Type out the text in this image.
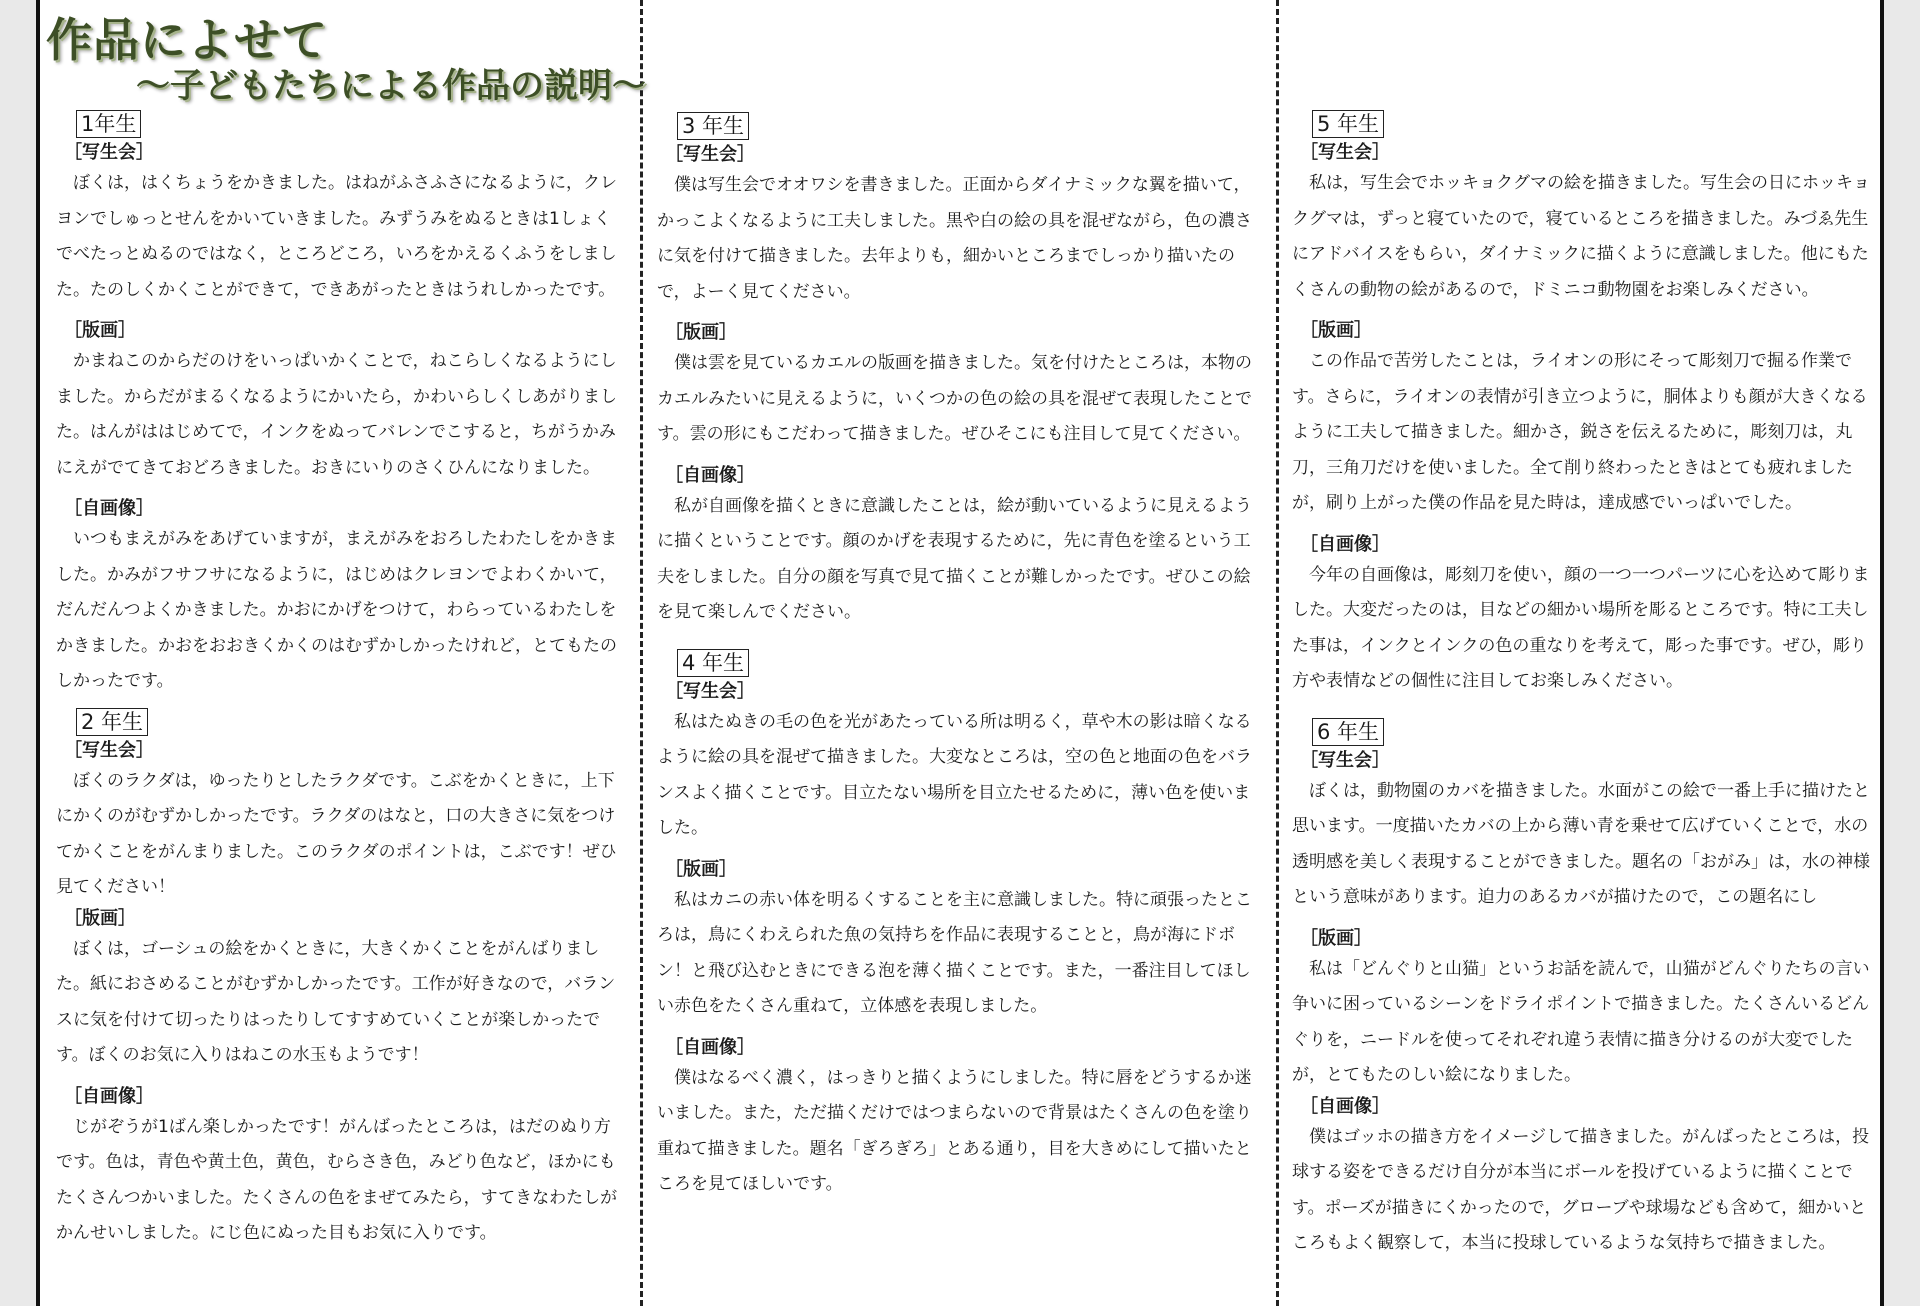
作品によせて
～子どもたちによる作品の説明～
1年生
［写生会］

ぼくは，はくちょうをかきました。はねがふさふさになるように，クレヨンでしゅっとせんをかいていきました。みずうみをぬるときは1しょくでべたっとぬるのではなく，ところどころ，いろをかえるくふうをしました。たのしくかくことができて，できあがったときはうれしかったです。

［版画］

かまねこのからだのけをいっぱいかくことで，ねこらしくなるようにしました。からだがまるくなるようにかいたら，かわいらしくしあがりました。はんがははじめてで，インクをぬってバレンでこすると，ちがうかみにえがでてきておどろきました。おきにいりのさくひんになりました。

［自画像］

いつもまえがみをあげていますが，まえがみをおろしたわたしをかきました。かみがフサフサになるように，はじめはクレヨンでよわくかいて，だんだんつよくかきました。かおにかげをつけて，わらっているわたしをかきました。かおをおおきくかくのはむずかしかったけれど，とてもたのしかったです。

2 年生
［写生会］

ぼくのラクダは，ゆったりとしたラクダです。こぶをかくときに，上下にかくのがむずかしかったです。ラクダのはなと，口の大きさに気をつけてかくことをがんまりました。このラクダのポイントは，こぶです！ぜひ見てください！

［版画］

ぼくは，ゴーシュの絵をかくときに，大きくかくことをがんばりました。紙におさめることがむずかしかったです。工作が好きなので，バランスに気を付けて切ったりはったりしてすすめていくことが楽しかったです。ぼくのお気に入りはねこの水玉もようです！

［自画像］

じがぞうが1ばん楽しかったです！がんばったところは，はだのぬり方です。色は，青色や黄土色，黄色，むらさき色，みどり色など，ほかにもたくさんつかいました。たくさんの色をまぜてみたら，すてきなわたしがかんせいしました。にじ色にぬった目もお気に入りです。

3 年生
［写生会］

僕は写生会でオオワシを書きました。正面からダイナミックな翼を描いて，かっこよくなるように工夫しました。黒や白の絵の具を混ぜながら，色の濃さに気を付けて描きました。去年よりも，細かいところまでしっかり描いたので，よーく見てください。

［版画］

僕は雲を見ているカエルの版画を描きました。気を付けたところは，本物のカエルみたいに見えるように，いくつかの色の絵の具を混ぜて表現したことです。雲の形にもこだわって描きました。ぜひそこにも注目して見てください。

［自画像］

私が自画像を描くときに意識したことは，絵が動いているように見えるように描くということです。顔のかげを表現するために，先に青色を塗るという工夫をしました。自分の顔を写真で見て描くことが難しかったです。ぜひこの絵を見て楽しんでください。

4 年生
［写生会］

私はたぬきの毛の色を光があたっている所は明るく，草や木の影は暗くなるように絵の具を混ぜて描きました。大変なところは，空の色と地面の色をバランスよく描くことです。目立たない場所を目立たせるために，薄い色を使いました。

［版画］

私はカニの赤い体を明るくすることを主に意識しました。特に頑張ったところは，鳥にくわえられた魚の気持ちを作品に表現することと，鳥が海にドボン！と飛び込むときにできる泡を薄く描くことです。また，一番注目してほしい赤色をたくさん重ねて，立体感を表現しました。

［自画像］

僕はなるべく濃く，はっきりと描くようにしました。特に唇をどうするか迷いました。また，ただ描くだけではつまらないので背景はたくさんの色を塗り重ねて描きました。題名「ぎろぎろ」とある通り，目を大きめにして描いたところを見てほしいです。

5 年生
［写生会］

私は，写生会でホッキョクグマの絵を描きました。写生会の日にホッキョクグマは，ずっと寝ていたので，寝ているところを描きました。みづゑ先生にアドバイスをもらい，ダイナミックに描くように意識しました。他にもたくさんの動物の絵があるので，ドミニコ動物園をお楽しみください。

［版画］

この作品で苦労したことは，ライオンの形にそって彫刻刀で掘る作業です。さらに，ライオンの表情が引き立つように，胴体よりも顔が大きくなるように工夫して描きました。細かさ，鋭さを伝えるために，彫刻刀は，丸刀，三角刀だけを使いました。全て削り終わったときはとても疲れましたが，刷り上がった僕の作品を見た時は，達成感でいっぱいでした。

［自画像］

今年の自画像は，彫刻刀を使い，顔の一つ一つパーツに心を込めて彫りました。大変だったのは，目などの細かい場所を彫るところです。特に工夫した事は，インクとインクの色の重なりを考えて，彫った事です。ぜひ，彫り方や表情などの個性に注目してお楽しみください。

6 年生
［写生会］

ぼくは，動物園のカバを描きました。水面がこの絵で一番上手に描けたと思います。一度描いたカバの上から薄い青を乗せて広げていくことで，水の透明感を美しく表現することができました。題名の「おがみ」は，水の神様という意味があります。迫力のあるカバが描けたので，この題名にし

［版画］

私は「どんぐりと山猫」というお話を読んで，山猫がどんぐりたちの言い争いに困っているシーンをドライポイントで描きました。たくさんいるどんぐりを，ニードルを使ってそれぞれ違う表情に描き分けるのが大変でしたが，とてもたのしい絵になりました。

［自画像］

僕はゴッホの描き方をイメージして描きました。がんばったところは，投球する姿をできるだけ自分が本当にボールを投げているように描くことです。ポーズが描きにくかったので，グローブや球場なども含めて，細かいところもよく観察して，本当に投球しているような気持ちで描きました。
